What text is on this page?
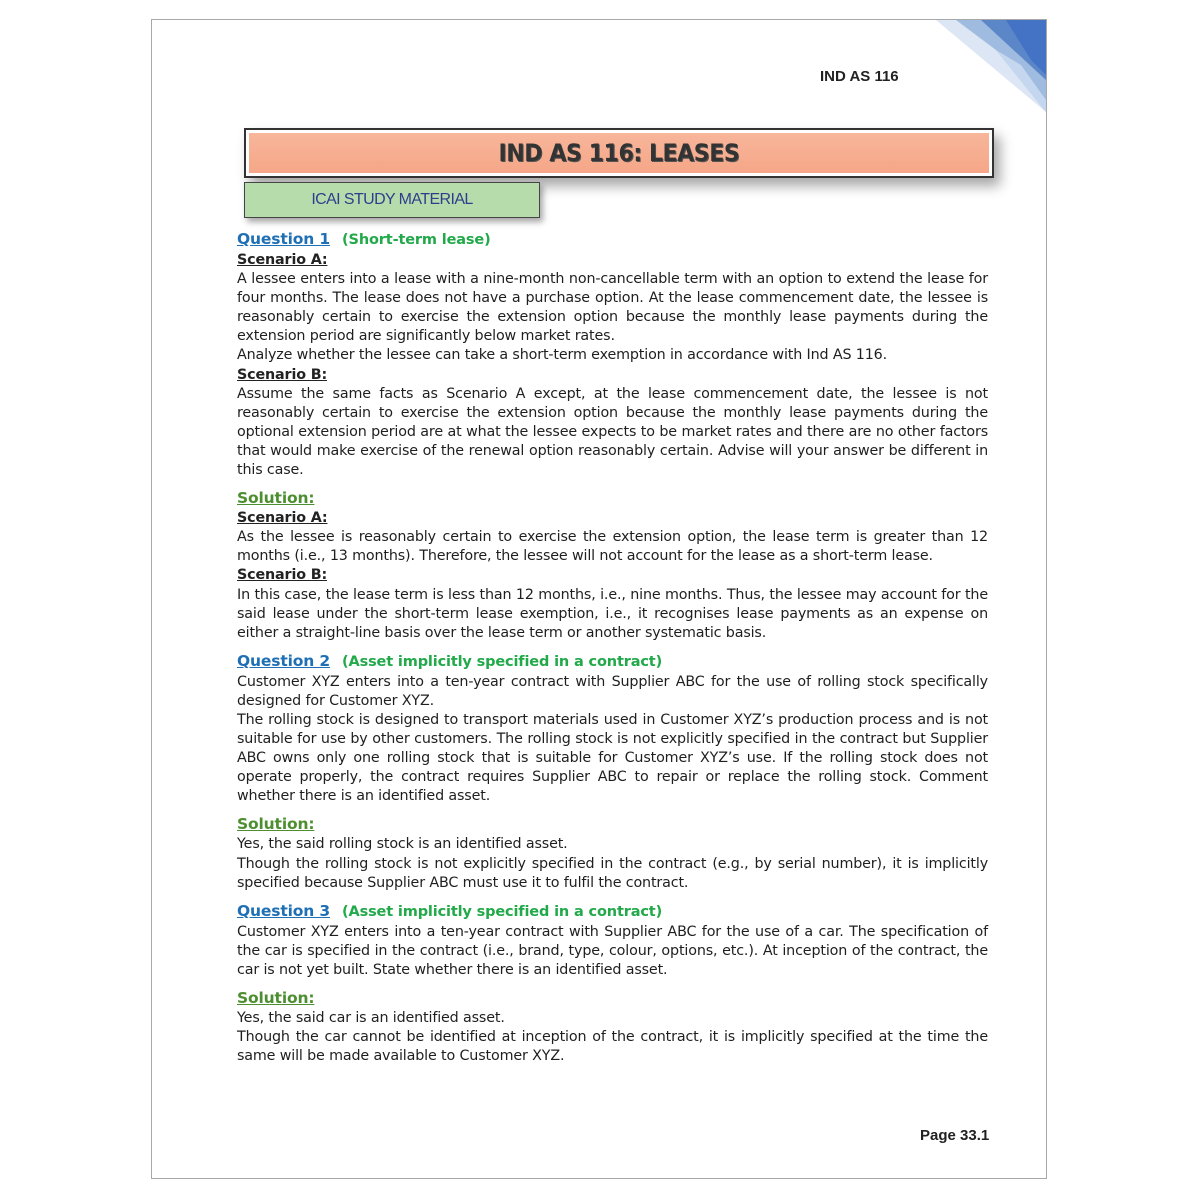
IND AS 116
IND AS 116: LEASES
ICAI STUDY MATERIAL

Question 1 (Short-term lease)

Scenario A:

A lessee enters into a lease with a nine-month non-cancellable term with an option to extend the lease for four months. The lease does not have a purchase option. At the lease commencement date, the lessee is reasonably certain to exercise the extension option because the monthly lease payments during the extension period are significantly below market rates.

Analyze whether the lessee can take a short-term exemption in accordance with Ind AS 116.

Scenario B:

Assume the same facts as Scenario A except, at the lease commencement date, the lessee is not reasonably certain to exercise the extension option because the monthly lease payments during the optional extension period are at what the lessee expects to be market rates and there are no other factors that would make exercise of the renewal option reasonably certain. Advise will your answer be different in this case.

Solution:

Scenario A:

As the lessee is reasonably certain to exercise the extension option, the lease term is greater than 12 months (i.e., 13 months). Therefore, the lessee will not account for the lease as a short-term lease.

Scenario B:

In this case, the lease term is less than 12 months, i.e., nine months. Thus, the lessee may account for the said lease under the short-term lease exemption, i.e., it recognises lease payments as an expense on either a straight-line basis over the lease term or another systematic basis.

Question 2 (Asset implicitly specified in a contract)

Customer XYZ enters into a ten-year contract with Supplier ABC for the use of rolling stock specifically designed for Customer XYZ.

The rolling stock is designed to transport materials used in Customer XYZ’s production process and is not suitable for use by other customers. The rolling stock is not explicitly specified in the contract but Supplier ABC owns only one rolling stock that is suitable for Customer XYZ’s use. If the rolling stock does not operate properly, the contract requires Supplier ABC to repair or replace the rolling stock. Comment whether there is an identified asset.

Solution:

Yes, the said rolling stock is an identified asset.

Though the rolling stock is not explicitly specified in the contract (e.g., by serial number), it is implicitly specified because Supplier ABC must use it to fulfil the contract.

Question 3 (Asset implicitly specified in a contract)

Customer XYZ enters into a ten-year contract with Supplier ABC for the use of a car. The specification of the car is specified in the contract (i.e., brand, type, colour, options, etc.). At inception of the contract, the car is not yet built. State whether there is an identified asset.

Solution:

Yes, the said car is an identified asset.

Though the car cannot be identified at inception of the contract, it is implicitly specified at the time the same will be made available to Customer XYZ.

Page 33.1
